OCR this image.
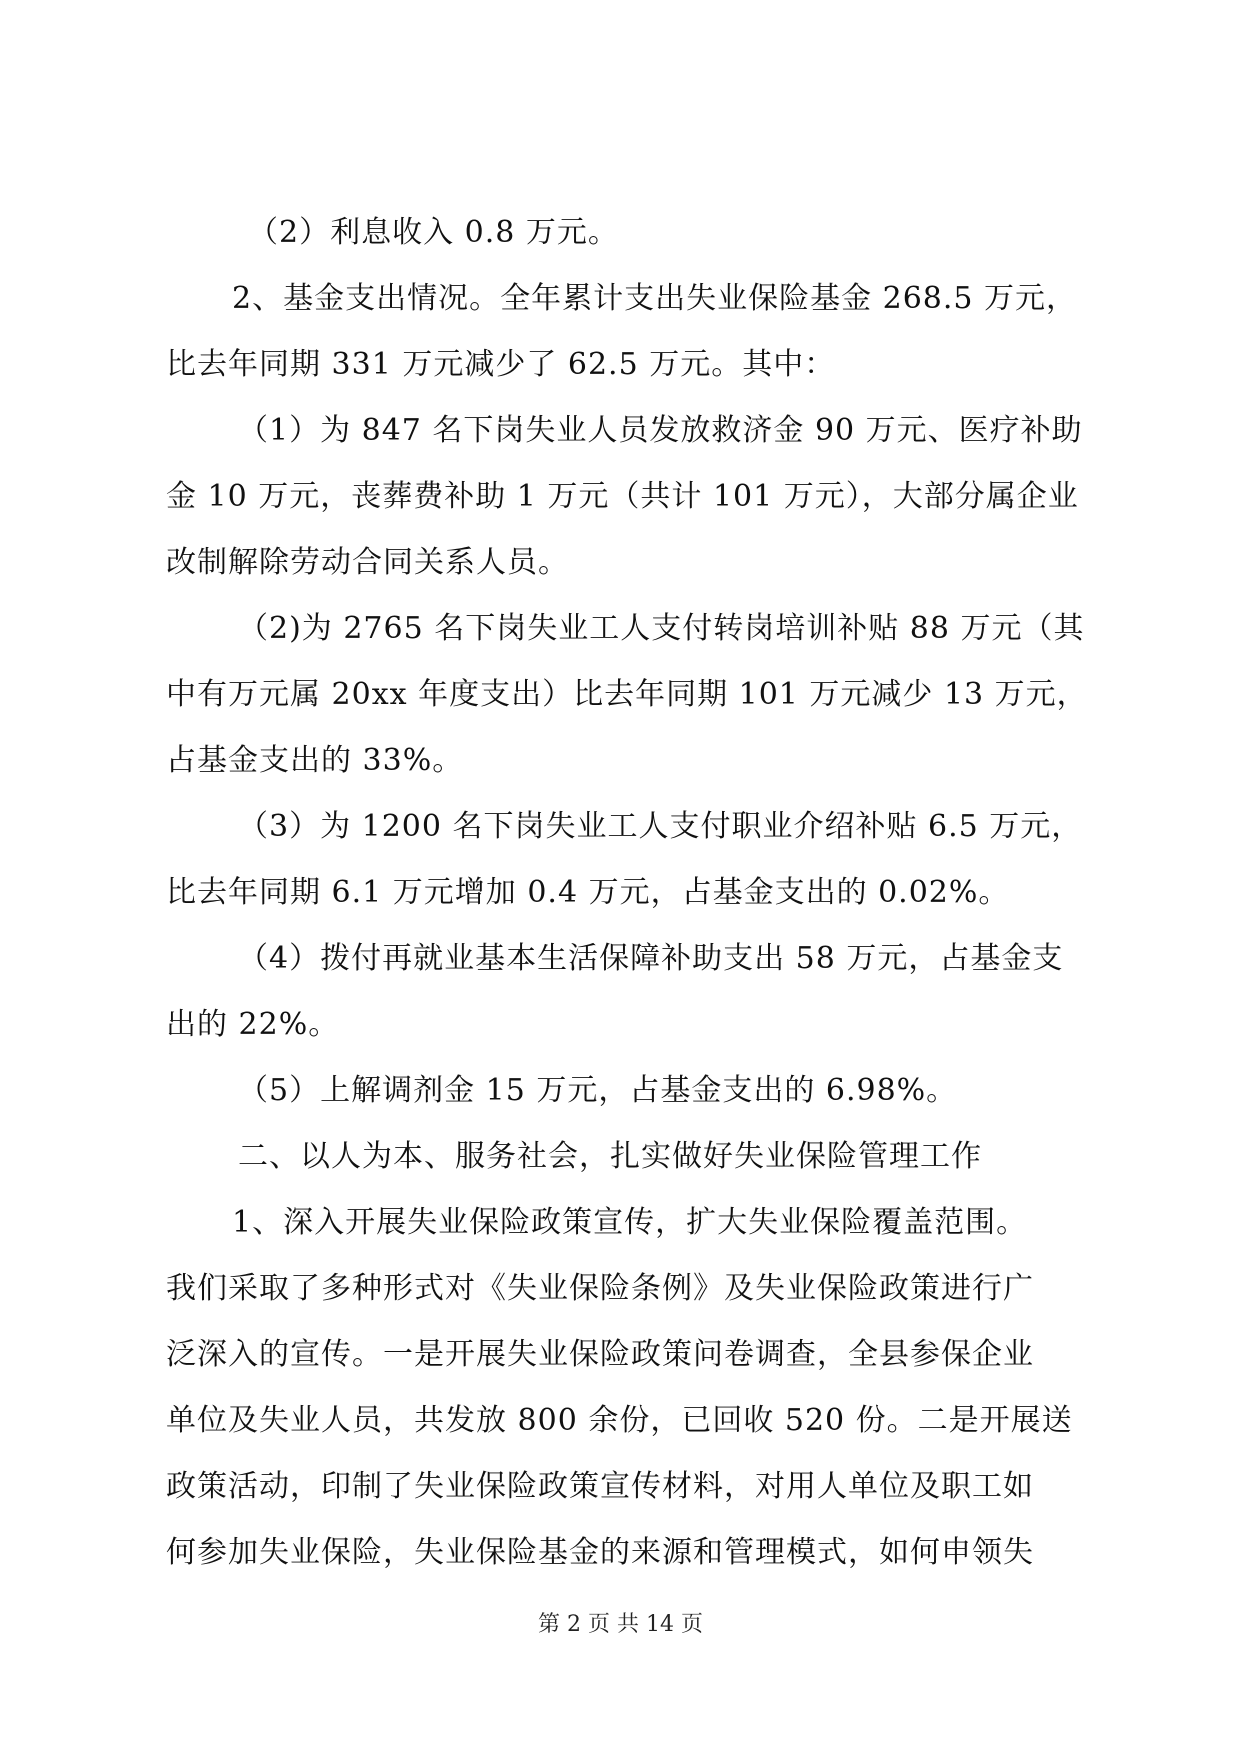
（2）利息收入 0.8 万元。
2、基金支出情况。全年累计支出失业保险基金 268.5 万元，
比去年同期 331 万元减少了 62.5 万元。其中：
（1）为 847 名下岗失业人员发放救济金 90 万元、医疗补助
金 10 万元，丧葬费补助 1 万元（共计 101 万元），大部分属企业
改制解除劳动合同关系人员。
（2)为 2765 名下岗失业工人支付转岗培训补贴 88 万元（其
中有万元属 20xx 年度支出）比去年同期 101 万元减少 13 万元，
占基金支出的 33%。
（3）为 1200 名下岗失业工人支付职业介绍补贴 6.5 万元，
比去年同期 6.1 万元增加 0.4 万元，占基金支出的 0.02%。
（4）拨付再就业基本生活保障补助支出 58 万元，占基金支
出的 22%。
（5）上解调剂金 15 万元，占基金支出的 6.98%。
二、以人为本、服务社会，扎实做好失业保险管理工作
1、深入开展失业保险政策宣传，扩大失业保险覆盖范围。
我们采取了多种形式对《失业保险条例》及失业保险政策进行广
泛深入的宣传。一是开展失业保险政策问卷调查，全县参保企业
单位及失业人员，共发放 800 余份，已回收 520 份。二是开展送
政策活动，印制了失业保险政策宣传材料，对用人单位及职工如
何参加失业保险，失业保险基金的来源和管理模式，如何申领失
第 2 页 共 14 页
